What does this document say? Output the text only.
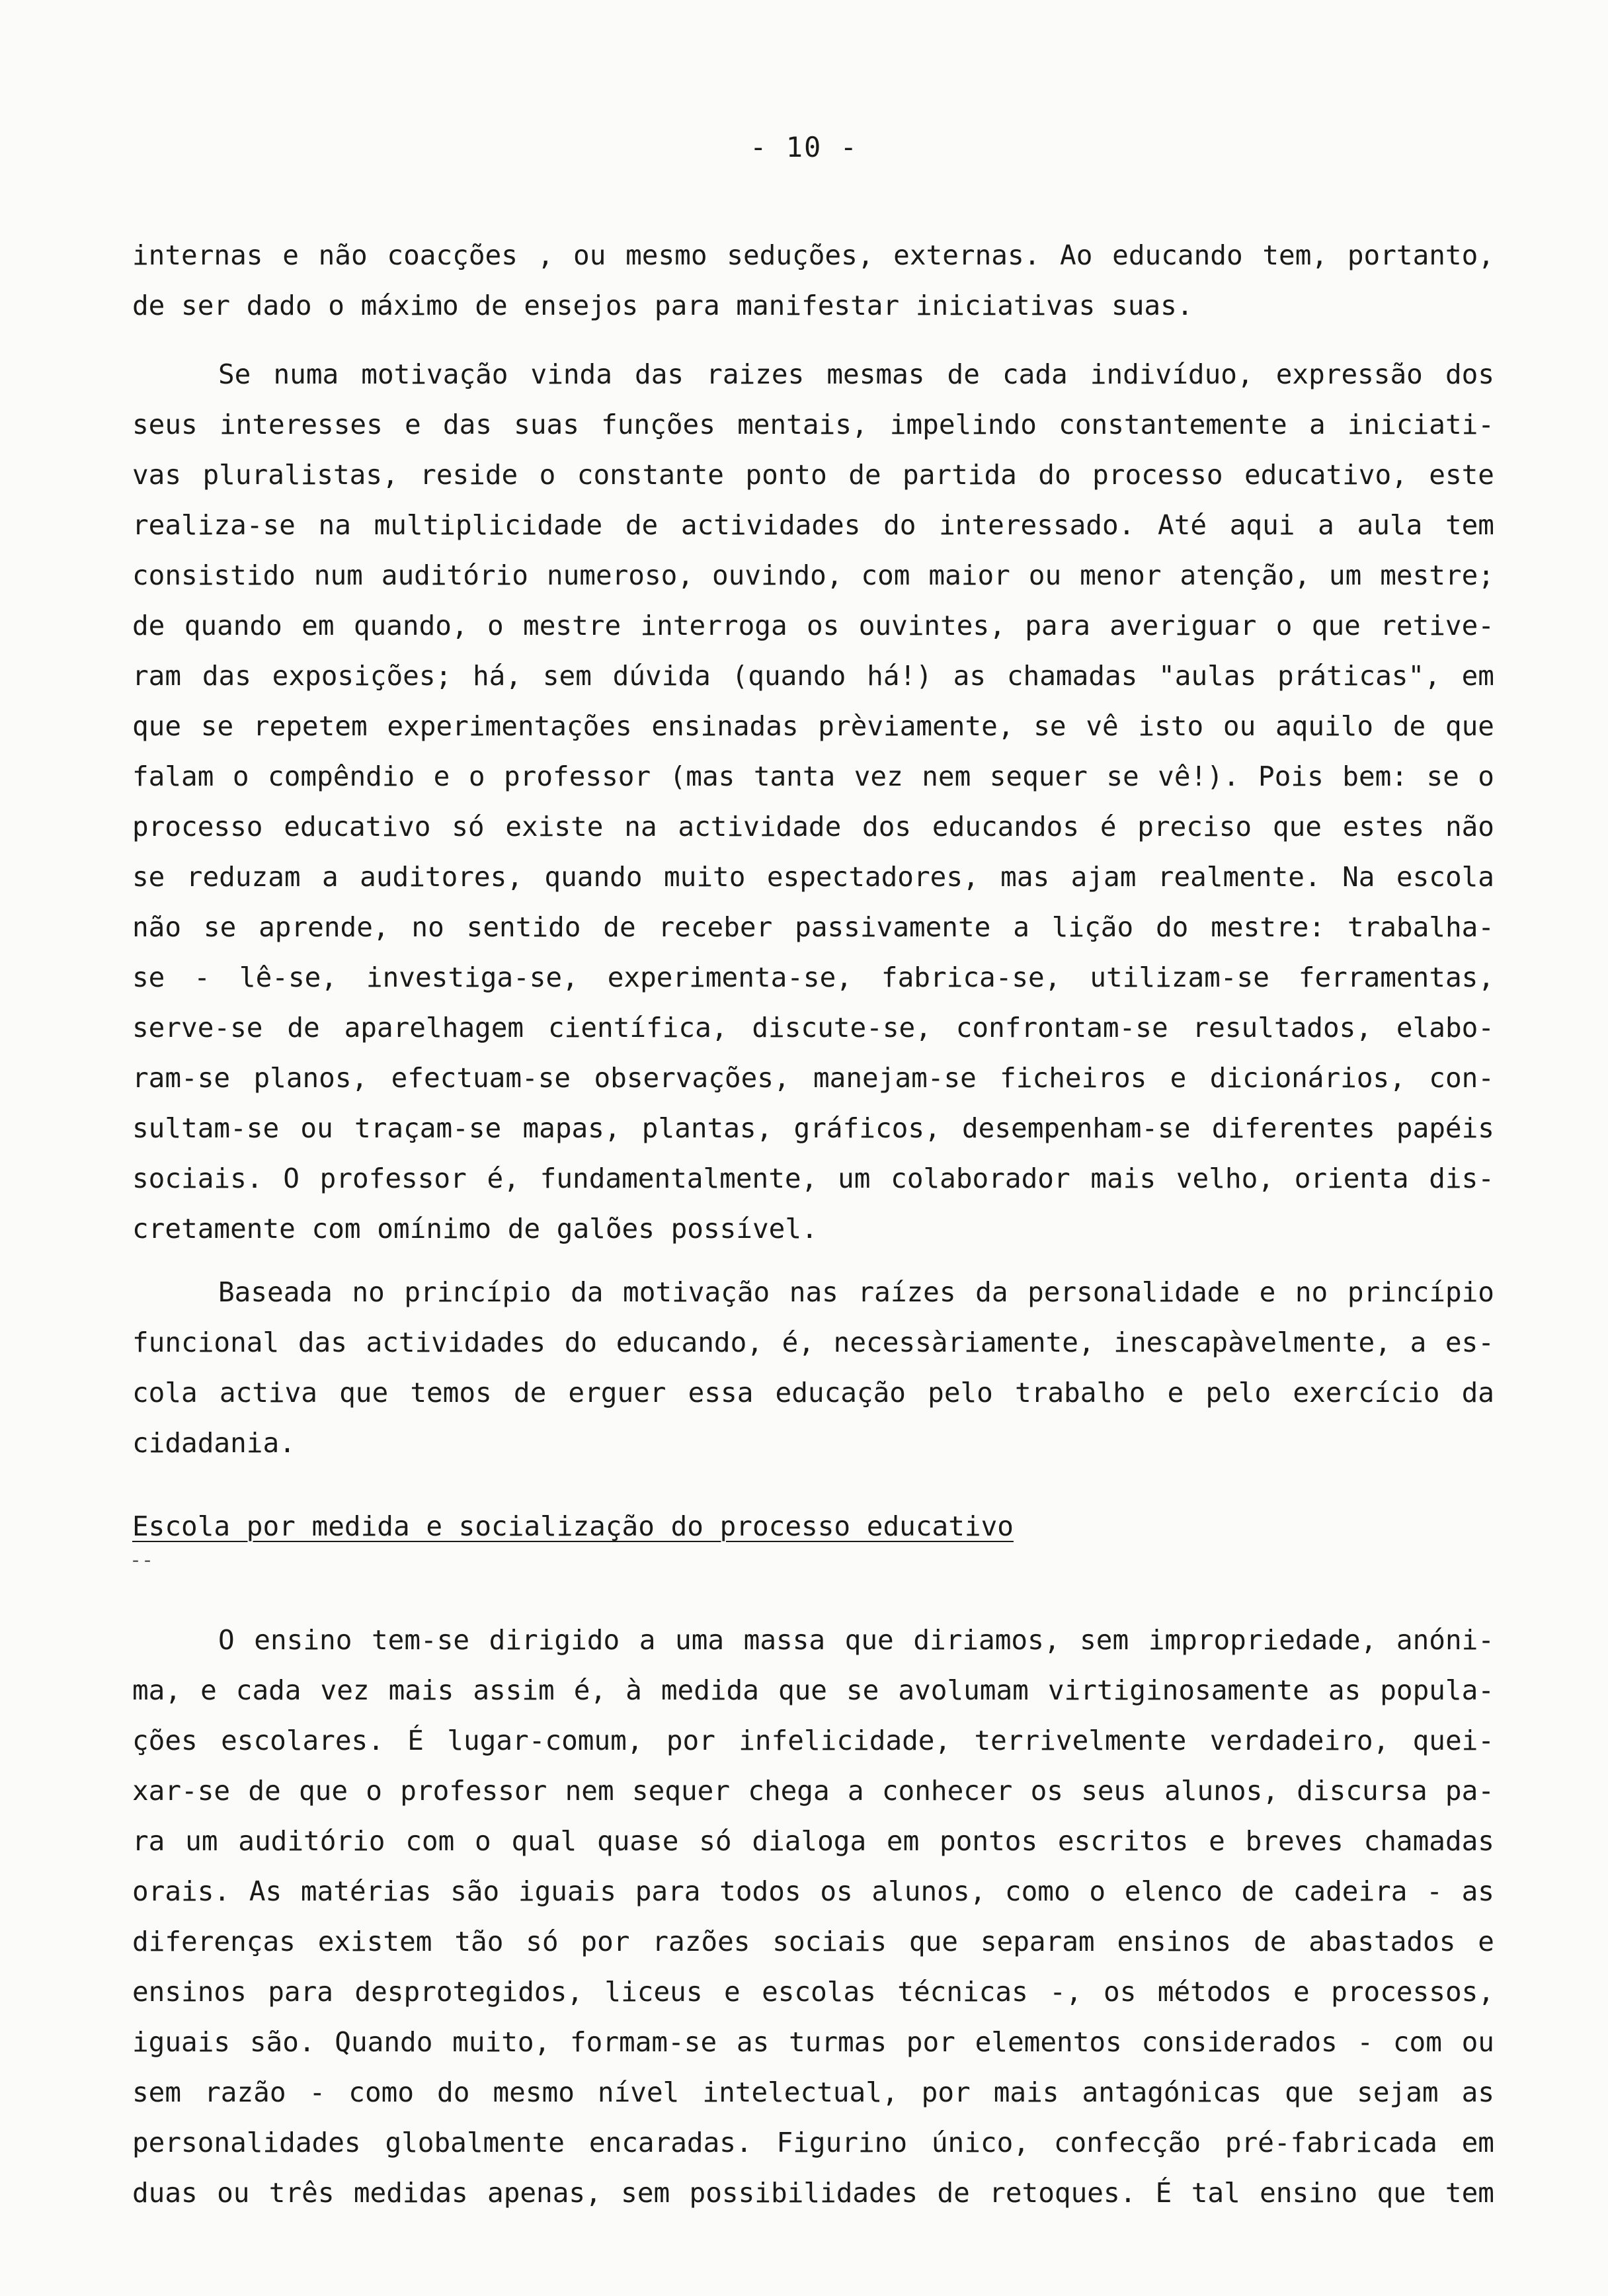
- 10 -
internas e não coacções , ou mesmo seduções, externas. Ao educando tem, portanto,
de ser dado o máximo de ensejos para manifestar iniciativas suas.
Se numa motivação vinda das raizes mesmas de cada indivíduo, expressão dos
seus interesses e das suas funções mentais, impelindo constantemente a iniciati-
vas pluralistas, reside o constante ponto de partida do processo educativo, este
realiza-se na multiplicidade de actividades do interessado. Até aqui a aula tem
consistido num auditório numeroso, ouvindo, com maior ou menor atenção, um mestre;
de quando em quando, o mestre interroga os ouvintes, para averiguar o que retive-
ram das exposições; há, sem dúvida (quando há!) as chamadas "aulas práticas", em
que se repetem experimentações ensinadas prèviamente, se vê isto ou aquilo de que
falam o compêndio e o professor (mas tanta vez nem sequer se vê!). Pois bem: se o
processo educativo só existe na actividade dos educandos é preciso que estes não
se reduzam a auditores, quando muito espectadores, mas ajam realmente. Na escola
não se aprende, no sentido de receber passivamente a lição do mestre: trabalha-
se - lê-se, investiga-se, experimenta-se, fabrica-se, utilizam-se ferramentas,
serve-se de aparelhagem científica, discute-se, confrontam-se resultados, elabo-
ram-se planos, efectuam-se observações, manejam-se ficheiros e dicionários, con-
sultam-se ou traçam-se mapas, plantas, gráficos, desempenham-se diferentes papéis
sociais. O professor é, fundamentalmente, um colaborador mais velho, orienta dis-
cretamente com omínimo de galões possível.
Baseada no princípio da motivação nas raízes da personalidade e no princípio
funcional das actividades do educando, é, necessàriamente, inescapàvelmente, a es-
cola activa que temos de erguer essa educação pelo trabalho e pelo exercício da
cidadania.
Escola por medida e socialização do processo educativo
--
O ensino tem-se dirigido a uma massa que diriamos, sem impropriedade, anóni-
ma, e cada vez mais assim é, à medida que se avolumam virtiginosamente as popula-
ções escolares. É lugar-comum, por infelicidade, terrivelmente verdadeiro, quei-
xar-se de que o professor nem sequer chega a conhecer os seus alunos, discursa pa-
ra um auditório com o qual quase só dialoga em pontos escritos e breves chamadas
orais. As matérias são iguais para todos os alunos, como o elenco de cadeira - as
diferenças existem tão só por razões sociais que separam ensinos de abastados e
ensinos para desprotegidos, liceus e escolas técnicas -, os métodos e processos,
iguais são. Quando muito, formam-se as turmas por elementos considerados - com ou
sem razão - como do mesmo nível intelectual, por mais antagónicas que sejam as
personalidades globalmente encaradas. Figurino único, confecção pré-fabricada em
duas ou três medidas apenas, sem possibilidades de retoques. É tal ensino que tem
